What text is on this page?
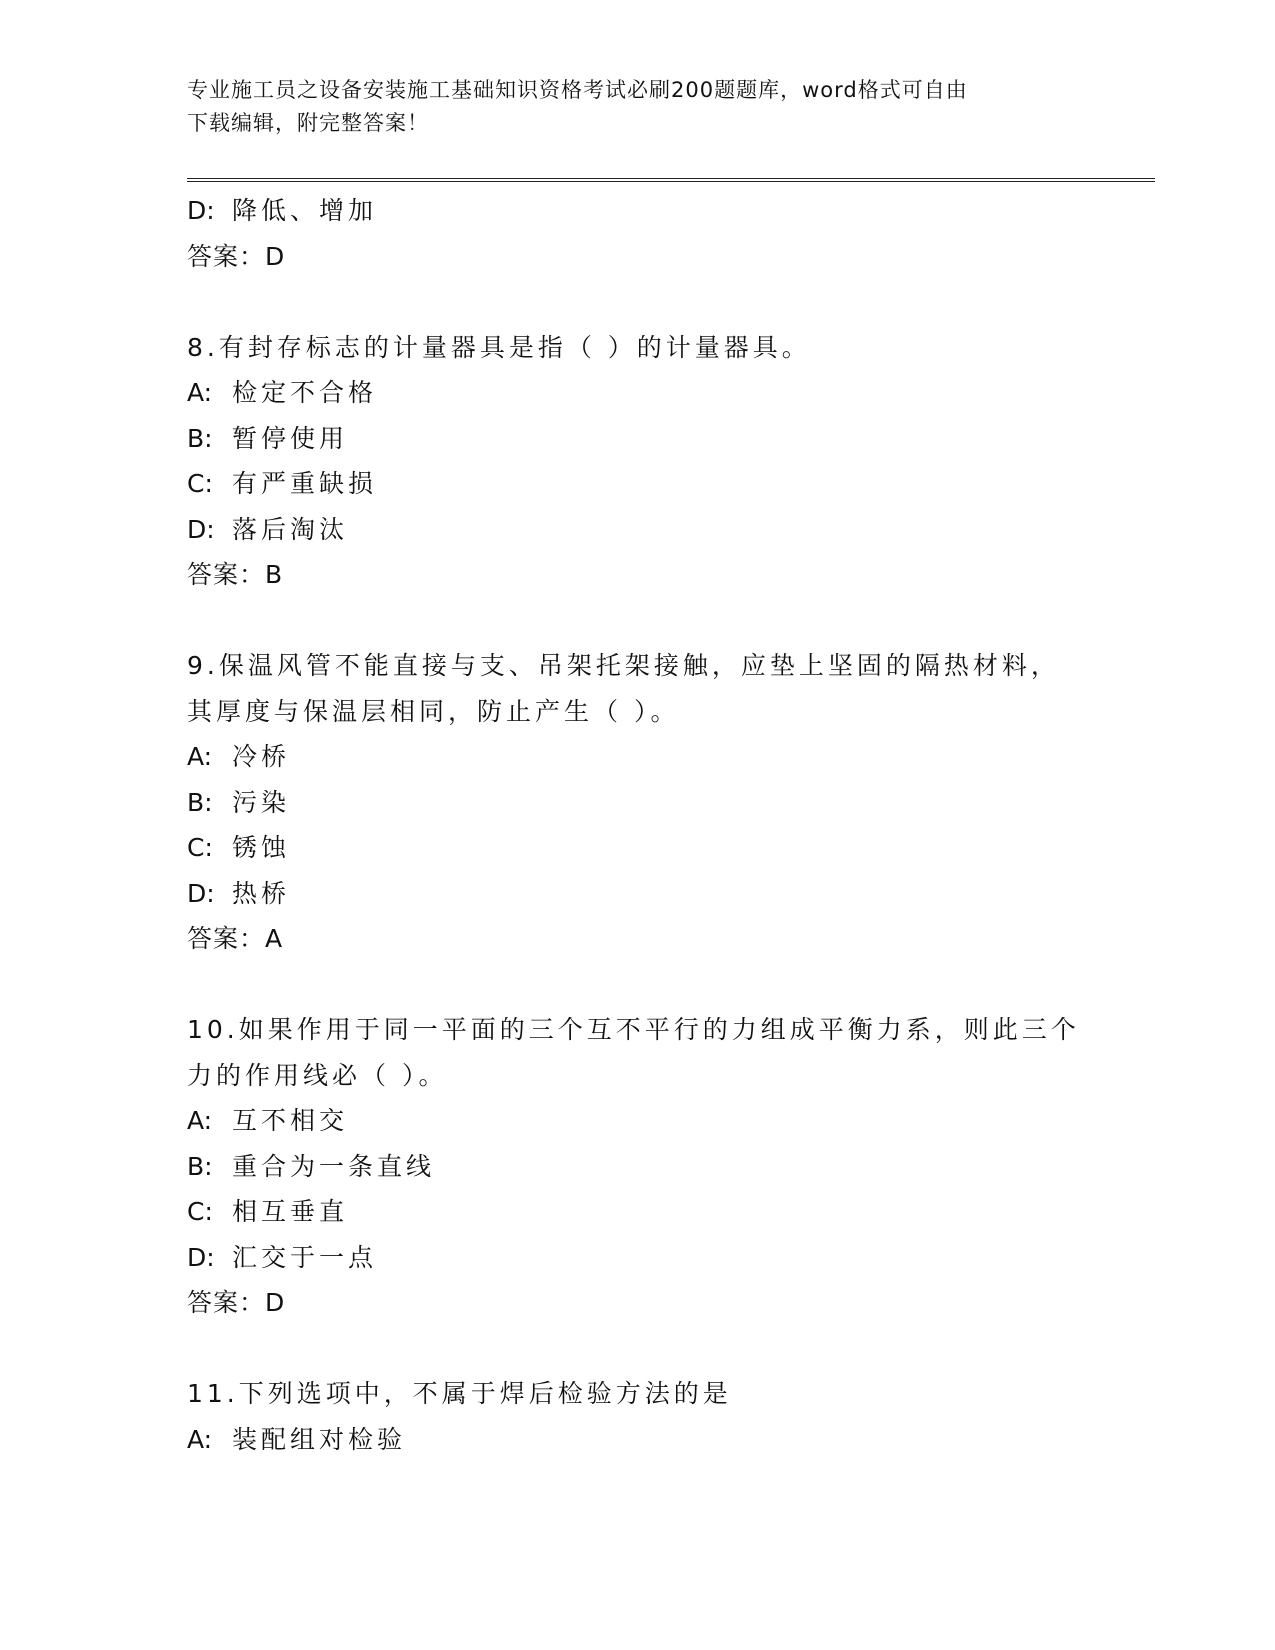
专业施工员之设备安装施工基础知识资格考试必刷200题题库，word格式可自由
下载编辑，附完整答案！
D: 降低、增加
答案：D
8.有封存标志的计量器具是指（ ）的计量器具。
A: 检定不合格
B: 暂停使用
C: 有严重缺损
D: 落后淘汰
答案：B
9.保温风管不能直接与支、吊架托架接触，应垫上坚固的隔热材料，
其厚度与保温层相同，防止产生（ ）。
A: 冷桥
B: 污染
C: 锈蚀
D: 热桥
答案：A
10.如果作用于同一平面的三个互不平行的力组成平衡力系，则此三个
力的作用线必（ ）。
A: 互不相交
B: 重合为一条直线
C: 相互垂直
D: 汇交于一点
答案：D
11.下列选项中，不属于焊后检验方法的是
A: 装配组对检验
